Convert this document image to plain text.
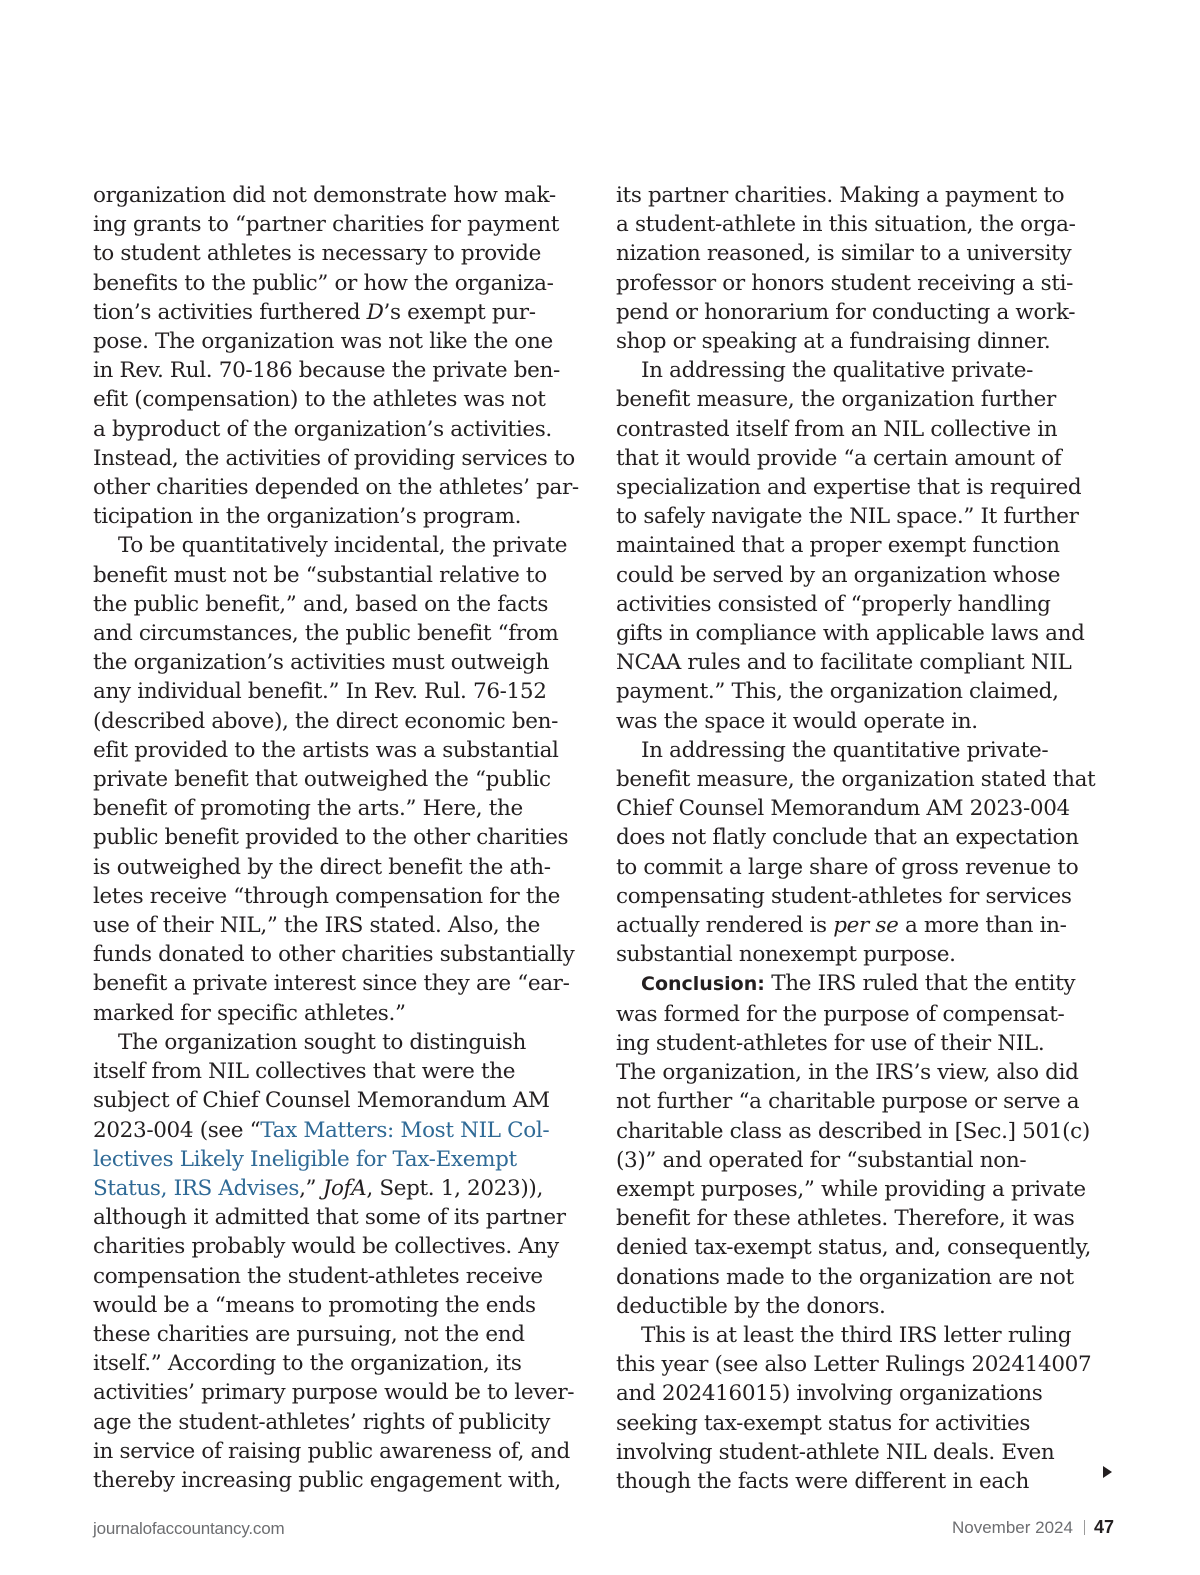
organization did not demonstrate how mak-
ing grants to “partner charities for payment
to student athletes is necessary to provide
benefits to the public” or how the organiza-
tion’s activities furthered D’s exempt pur-
pose. The organization was not like the one
in Rev. Rul. 70-186 because the private ben-
efit (compensation) to the athletes was not
a byproduct of the organization’s activities.
Instead, the activities of providing services to
other charities depended on the athletes’ par-
ticipation in the organization’s program.
To be quantitatively incidental, the private
benefit must not be “substantial relative to
the public benefit,” and, based on the facts
and circumstances, the public benefit “from
the organization’s activities must outweigh
any individual benefit.” In Rev. Rul. 76-152
(described above), the direct economic ben-
efit provided to the artists was a substantial
private benefit that outweighed the “public
benefit of promoting the arts.” Here, the
public benefit provided to the other charities
is outweighed by the direct benefit the ath-
letes receive “through compensation for the
use of their NIL,” the IRS stated. Also, the
funds donated to other charities substantially
benefit a private interest since they are “ear-
marked for specific athletes.”
The organization sought to distinguish
itself from NIL collectives that were the
subject of Chief Counsel Memorandum AM
2023-004 (see “Tax Matters: Most NIL Col-
lectives Likely Ineligible for Tax-Exempt
Status, IRS Advises,” JofA, Sept. 1, 2023)),
although it admitted that some of its partner
charities probably would be collectives. Any
compensation the student-athletes receive
would be a “means to promoting the ends
these charities are pursuing, not the end
itself.” According to the organization, its
activities’ primary purpose would be to lever-
age the student-athletes’ rights of publicity
in service of raising public awareness of, and
thereby increasing public engagement with,
its partner charities. Making a payment to
a student-athlete in this situation, the orga-
nization reasoned, is similar to a university
professor or honors student receiving a sti-
pend or honorarium for conducting a work-
shop or speaking at a fundraising dinner.
In addressing the qualitative private-
benefit measure, the organization further
contrasted itself from an NIL collective in
that it would provide “a certain amount of
specialization and expertise that is required
to safely navigate the NIL space.” It further
maintained that a proper exempt function
could be served by an organization whose
activities consisted of “properly handling
gifts in compliance with applicable laws and
NCAA rules and to facilitate compliant NIL
payment.” This, the organization claimed,
was the space it would operate in.
In addressing the quantitative private-
benefit measure, the organization stated that
Chief Counsel Memorandum AM 2023-004
does not flatly conclude that an expectation
to commit a large share of gross revenue to
compensating student-athletes for services
actually rendered is per se a more than in-
substantial nonexempt purpose.
Conclusion: The IRS ruled that the entity
was formed for the purpose of compensat-
ing student-athletes for use of their NIL.
The organization, in the IRS’s view, also did
not further “a charitable purpose or serve a
charitable class as described in [Sec.] 501(c)
(3)” and operated for “substantial non-
exempt purposes,” while providing a private
benefit for these athletes. Therefore, it was
denied tax-exempt status, and, consequently,
donations made to the organization are not
deductible by the donors.
This is at least the third IRS letter ruling
this year (see also Letter Rulings 202414007
and 202416015) involving organizations
seeking tax-exempt status for activities
involving student-athlete NIL deals. Even
though the facts were different in each
journalofaccountancy.com	November 2024 47
